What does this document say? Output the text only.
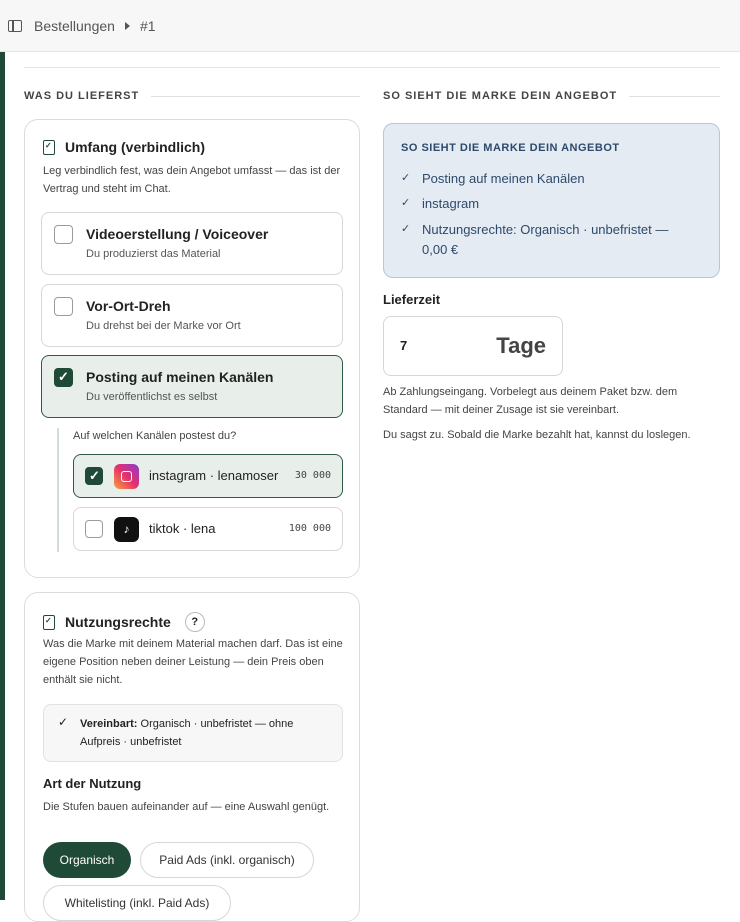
Bestellungen #1
WAS DU LIEFERST	SO SIEHT DIE MARKE DEIN ANGEBOT
✓
Umfang (verbindlich)
Leg verbindlich fest, was dein Angebot umfasst — das ist der Vertrag und steht im Chat.
Videoerstellung / Voiceover
Du produzierst das Material
Vor-Ort-Dreh
Du drehst bei der Marke vor Ort
✓
Posting auf meinen Kanälen
Du veröffentlichst es selbst
Auf welchen Kanälen postest du?
✓
instagram · lenamoser 30 000
♪	tiktok · lena	100 000
✓
Nutzungsrechte	?
Was die Marke mit deinem Material machen darf. Das ist eine eigene Position neben deiner Leistung — dein Preis oben enthält sie nicht.
✓ Vereinbart: Organisch · unbefristet — ohne Aufpreis · unbefristet
Art der Nutzung
Die Stufen bauen aufeinander auf — eine Auswahl genügt.
Organisch	Paid Ads (inkl. organisch)
Whitelisting (inkl. Paid Ads)
SO SIEHT DIE MARKE DEIN ANGEBOT
✓ Posting auf meinen Kanälen
✓ instagram
✓ Nutzungsrechte: Organisch · unbefristet — 0,00 €
Lieferzeit
7	Tage
Ab Zahlungseingang. Vorbelegt aus deinem Paket bzw. dem Standard — mit deiner Zusage ist sie vereinbart.
Du sagst zu. Sobald die Marke bezahlt hat, kannst du loslegen.
